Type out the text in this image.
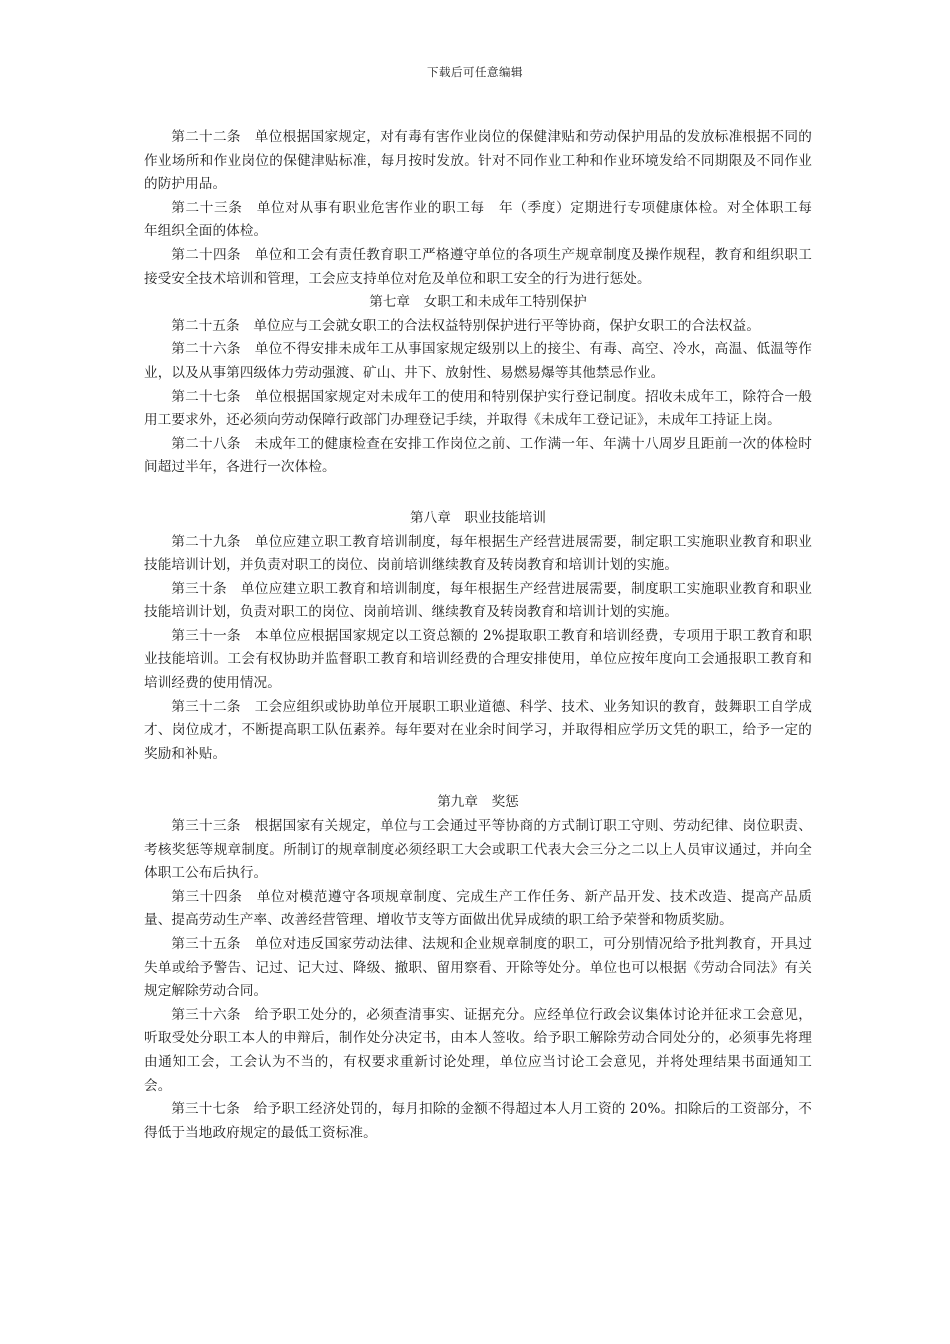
下载后可任意编辑

第二十二条　单位根据国家规定，对有毒有害作业岗位的保健津贴和劳动保护用品的发放标准根据不同的作业场所和作业岗位的保健津贴标准，每月按时发放。针对不同作业工种和作业环境发给不同期限及不同作业的防护用品。

第二十三条　单位对从事有职业危害作业的职工每　年（季度）定期进行专项健康体检。对全体职工每　年组织全面的体检。

第二十四条　单位和工会有责任教育职工严格遵守单位的各项生产规章制度及操作规程，教育和组织职工接受安全技术培训和管理，工会应支持单位对危及单位和职工安全的行为进行惩处。

第七章　女职工和未成年工特别保护

第二十五条　单位应与工会就女职工的合法权益特别保护进行平等协商，保护女职工的合法权益。

第二十六条　单位不得安排未成年工从事国家规定级别以上的接尘、有毒、高空、冷水，高温、低温等作业，以及从事第四级体力劳动强渡、矿山、井下、放射性、易燃易爆等其他禁忌作业。

第二十七条　单位根据国家规定对未成年工的使用和特别保护实行登记制度。招收未成年工，除符合一般用工要求外，还必须向劳动保障行政部门办理登记手续，并取得《未成年工登记证》，未成年工持证上岗。

第二十八条　未成年工的健康检查在安排工作岗位之前、工作满一年、年满十八周岁且距前一次的体检时间超过半年，各进行一次体检。

第八章　职业技能培训

第二十九条　单位应建立职工教育培训制度，每年根据生产经营进展需要，制定职工实施职业教育和职业技能培训计划，并负责对职工的岗位、岗前培训继续教育及转岗教育和培训计划的实施。

第三十条　单位应建立职工教育和培训制度，每年根据生产经营进展需要，制度职工实施职业教育和职业技能培训计划，负责对职工的岗位、岗前培训、继续教育及转岗教育和培训计划的实施。

第三十一条　本单位应根据国家规定以工资总额的 2%提取职工教育和培训经费，专项用于职工教育和职业技能培训。工会有权协助并监督职工教育和培训经费的合理安排使用，单位应按年度向工会通报职工教育和培训经费的使用情况。

第三十二条　工会应组织或协助单位开展职工职业道德、科学、技术、业务知识的教育，鼓舞职工自学成才、岗位成才，不断提高职工队伍素养。每年要对在业余时间学习，并取得相应学历文凭的职工，给予一定的奖励和补贴。

第九章　奖惩

第三十三条　根据国家有关规定，单位与工会通过平等协商的方式制订职工守则、劳动纪律、岗位职责、考核奖惩等规章制度。所制订的规章制度必须经职工大会或职工代表大会三分之二以上人员审议通过，并向全体职工公布后执行。

第三十四条　单位对模范遵守各项规章制度、完成生产工作任务、新产品开发、技术改造、提高产品质量、提高劳动生产率、改善经营管理、增收节支等方面做出优异成绩的职工给予荣誉和物质奖励。

第三十五条　单位对违反国家劳动法律、法规和企业规章制度的职工，可分别情况给予批判教育，开具过失单或给予警告、记过、记大过、降级、撤职、留用察看、开除等处分。单位也可以根据《劳动合同法》有关规定解除劳动合同。

第三十六条　给予职工处分的，必须查清事实、证据充分。应经单位行政会议集体讨论并征求工会意见，听取受处分职工本人的申辩后，制作处分决定书，由本人签收。给予职工解除劳动合同处分的，必须事先将理由通知工会，工会认为不当的，有权要求重新讨论处理，单位应当讨论工会意见，并将处理结果书面通知工会。

第三十七条　给予职工经济处罚的，每月扣除的金额不得超过本人月工资的 20%。扣除后的工资部分，不得低于当地政府规定的最低工资标准。
